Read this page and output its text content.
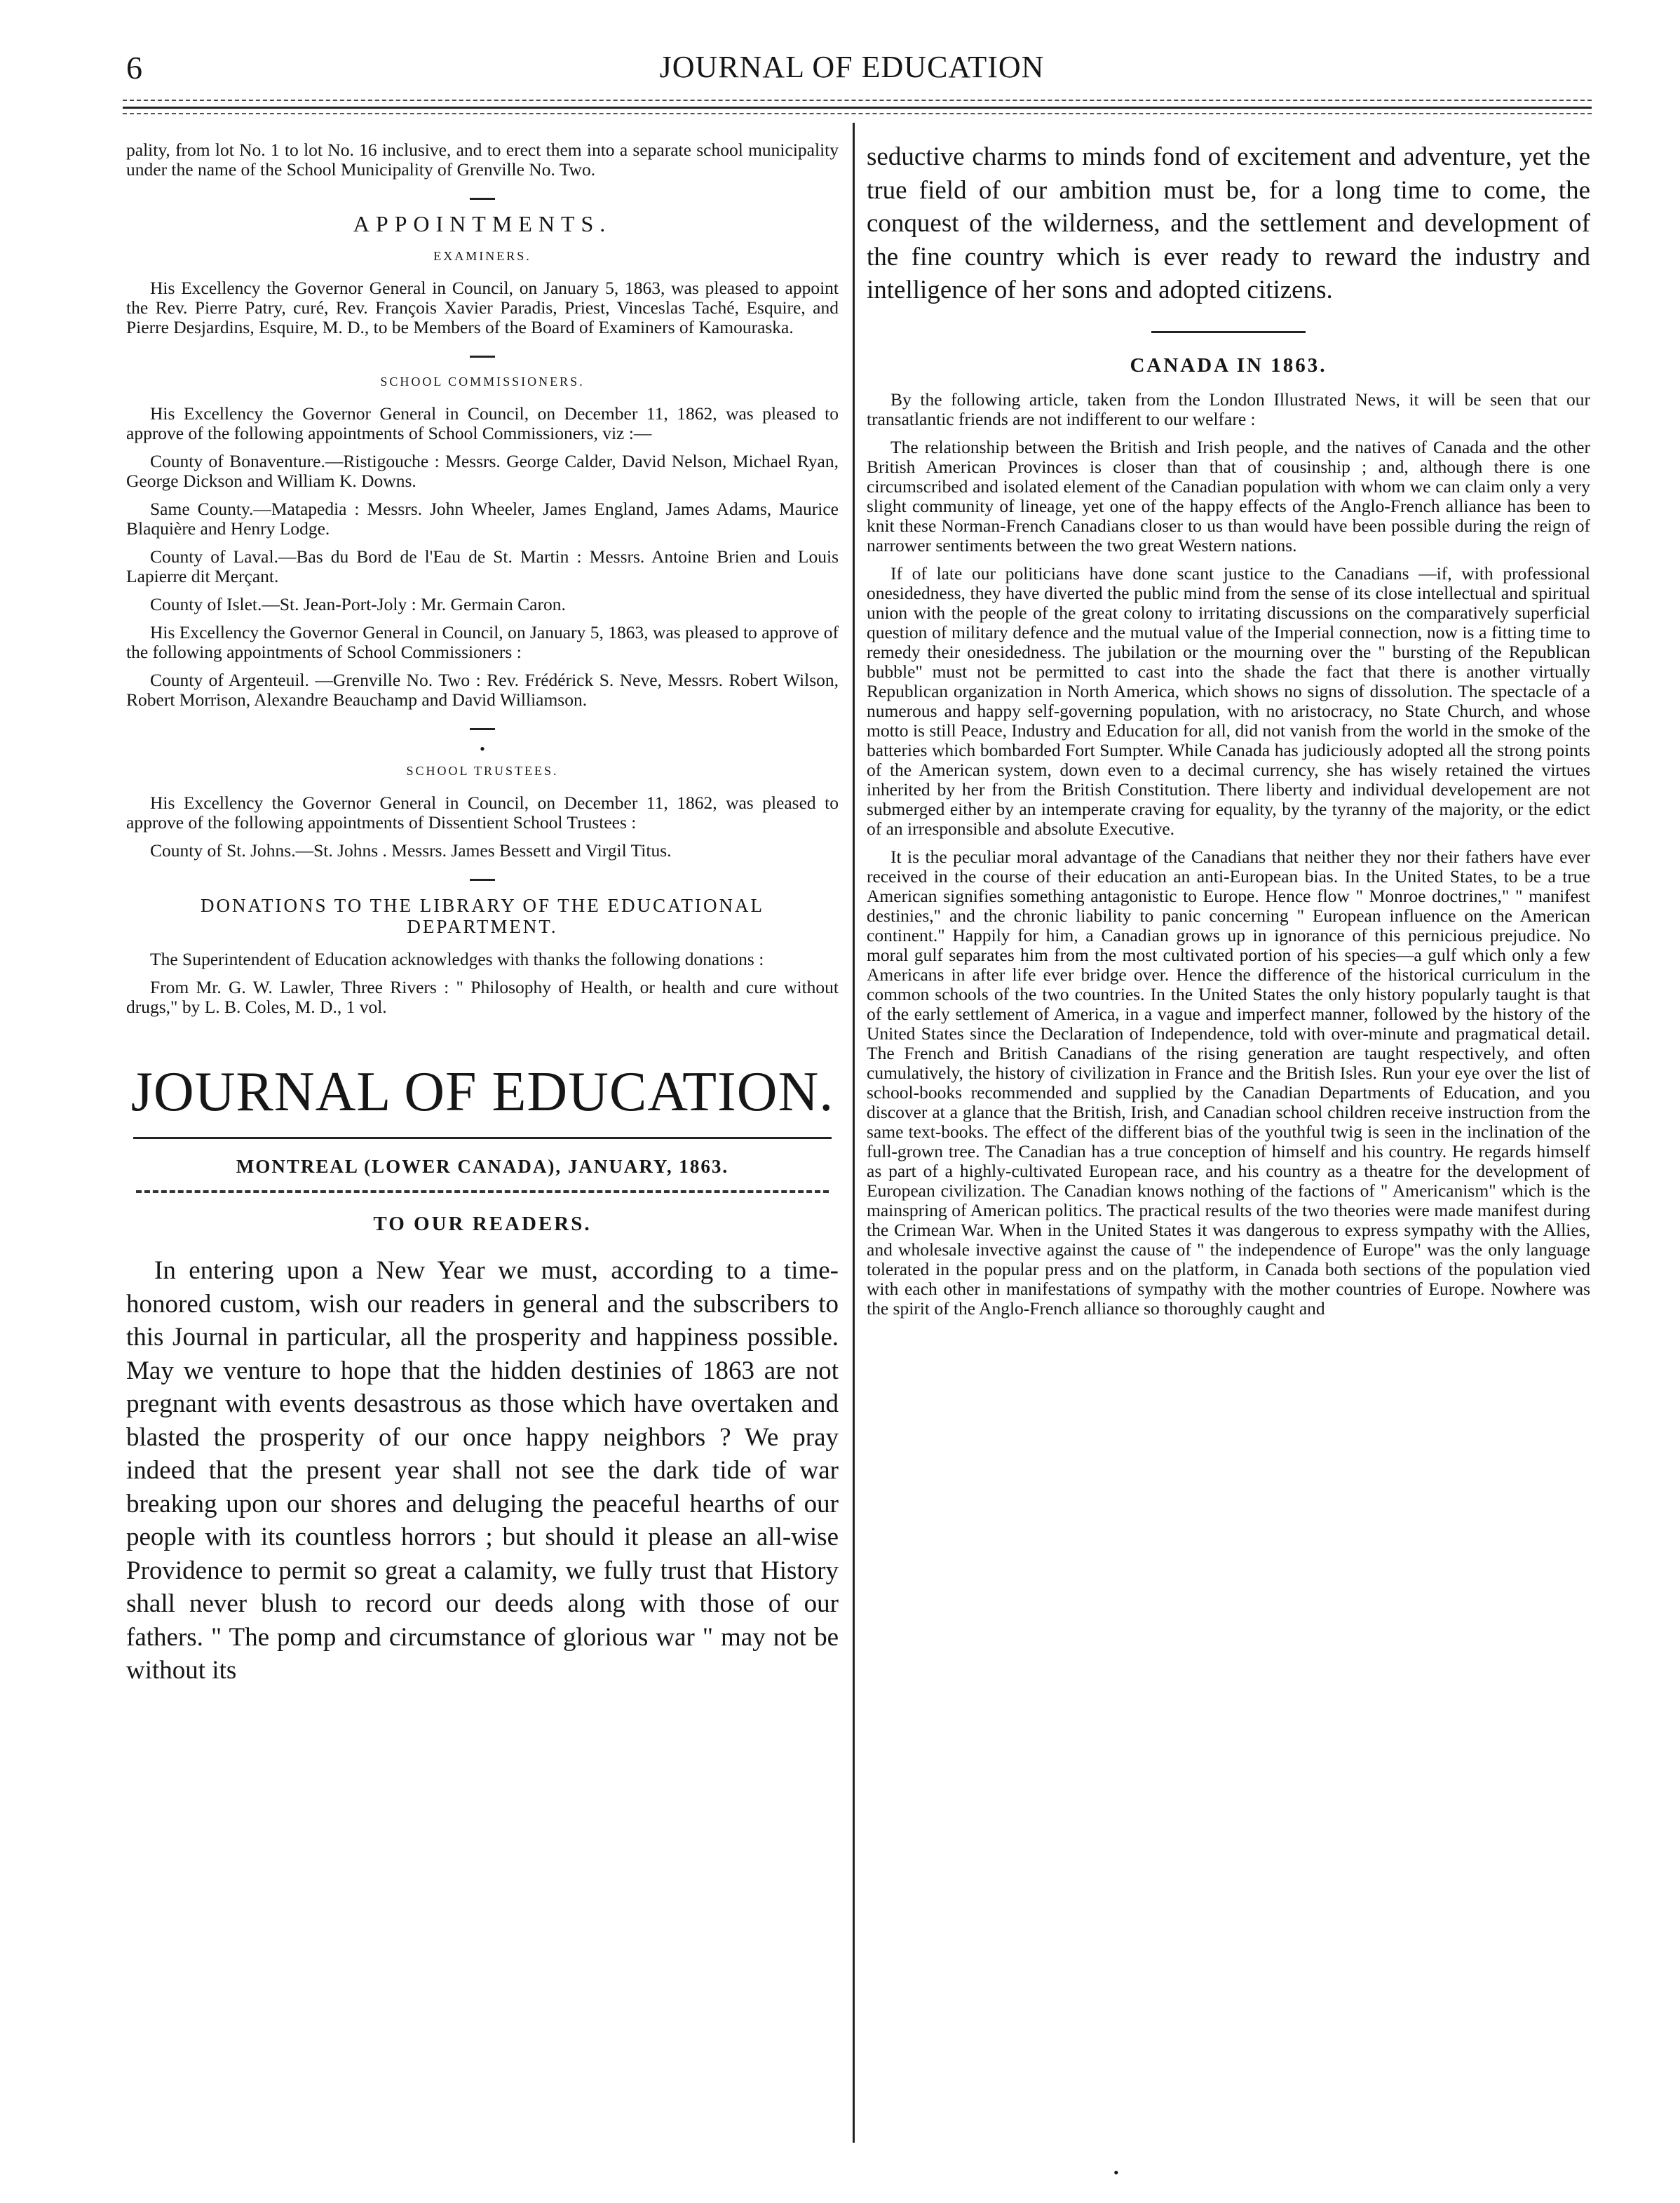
6	JOURNAL OF EDUCATION

pality, from lot No. 1 to lot No. 16 inclusive, and to erect them into a separate school municipality under the name of the School Municipality of Grenville No. Two.

APPOINTMENTS.
EXAMINERS.

His Excellency the Governor General in Council, on January 5, 1863, was pleased to appoint the Rev. Pierre Patry, curé, Rev. François Xavier Paradis, Priest, Vinceslas Taché, Esquire, and Pierre Desjardins, Esquire, M. D., to be Members of the Board of Examiners of Kamouraska.

SCHOOL COMMISSIONERS.

His Excellency the Governor General in Council, on December 11, 1862, was pleased to approve of the following appointments of School Commissioners, viz :—

County of Bonaventure.—Ristigouche : Messrs. George Calder, David Nelson, Michael Ryan, George Dickson and William K. Downs.

Same County.—Matapedia : Messrs. John Wheeler, James England, James Adams, Maurice Blaquière and Henry Lodge.

County of Laval.—Bas du Bord de l'Eau de St. Martin : Messrs. Antoine Brien and Louis Lapierre dit Merçant.

County of Islet.—St. Jean-Port-Joly : Mr. Germain Caron.

His Excellency the Governor General in Council, on January 5, 1863, was pleased to approve of the following appointments of School Commissioners :

County of Argenteuil. —Grenville No. Two : Rev. Frédérick S. Neve, Messrs. Robert Wilson, Robert Morrison, Alexandre Beauchamp and David Williamson.

•
SCHOOL TRUSTEES.

His Excellency the Governor General in Council, on December 11, 1862, was pleased to approve of the following appointments of Dissentient School Trustees :

County of St. Johns.—St. Johns . Messrs. James Bessett and Virgil Titus.

DONATIONS TO THE LIBRARY OF THE EDUCATIONAL DEPARTMENT.

The Superintendent of Education acknowledges with thanks the following donations :

From Mr. G. W. Lawler, Three Rivers : " Philosophy of Health, or health and cure without drugs," by L. B. Coles, M. D., 1 vol.

JOURNAL OF EDUCATION.
MONTREAL (LOWER CANADA), JANUARY, 1863.
TO OUR READERS.

In entering upon a New Year we must, according to a time-honored custom, wish our readers in general and the subscribers to this Journal in particular, all the prosperity and happiness possible. May we venture to hope that the hidden destinies of 1863 are not pregnant with events desastrous as those which have overtaken and blasted the prosperity of our once happy neighbors ? We pray indeed that the present year shall not see the dark tide of war breaking upon our shores and deluging the peaceful hearths of our people with its countless horrors ; but should it please an all-wise Providence to permit so great a calamity, we fully trust that History shall never blush to record our deeds along with those of our fathers. " The pomp and circumstance of glorious war " may not be without its

seductive charms to minds fond of excitement and adventure, yet the true field of our ambition must be, for a long time to come, the conquest of the wilderness, and the settlement and development of the fine country which is ever ready to reward the industry and intelligence of her sons and adopted citizens.

CANADA IN 1863.

By the following article, taken from the London Illustrated News, it will be seen that our transatlantic friends are not indifferent to our welfare :

The relationship between the British and Irish people, and the natives of Canada and the other British American Provinces is closer than that of cousinship ; and, although there is one circumscribed and isolated element of the Canadian population with whom we can claim only a very slight community of lineage, yet one of the happy effects of the Anglo-French alliance has been to knit these Norman-French Canadians closer to us than would have been possible during the reign of narrower sentiments between the two great Western nations.

If of late our politicians have done scant justice to the Canadians —if, with professional onesidedness, they have diverted the public mind from the sense of its close intellectual and spiritual union with the people of the great colony to irritating discussions on the comparatively superficial question of military defence and the mutual value of the Imperial connection, now is a fitting time to remedy their onesidedness. The jubilation or the mourning over the " bursting of the Republican bubble" must not be permitted to cast into the shade the fact that there is another virtually Republican organization in North America, which shows no signs of dissolution. The spectacle of a numerous and happy self-governing population, with no aristocracy, no State Church, and whose motto is still Peace, Industry and Education for all, did not vanish from the world in the smoke of the batteries which bombarded Fort Sumpter. While Canada has judiciously adopted all the strong points of the American system, down even to a decimal currency, she has wisely retained the virtues inherited by her from the British Constitution. There liberty and individual developement are not submerged either by an intemperate craving for equality, by the tyranny of the majority, or the edict of an irresponsible and absolute Executive.

It is the peculiar moral advantage of the Canadians that neither they nor their fathers have ever received in the course of their education an anti-European bias. In the United States, to be a true American signifies something antagonistic to Europe. Hence flow " Monroe doctrines," " manifest destinies," and the chronic liability to panic concerning " European influence on the American continent." Happily for him, a Canadian grows up in ignorance of this pernicious prejudice. No moral gulf separates him from the most cultivated portion of his species—a gulf which only a few Americans in after life ever bridge over. Hence the difference of the historical curriculum in the common schools of the two countries. In the United States the only history popularly taught is that of the early settlement of America, in a vague and imperfect manner, followed by the history of the United States since the Declaration of Independence, told with over-minute and pragmatical detail. The French and British Canadians of the rising generation are taught respectively, and often cumulatively, the history of civilization in France and the British Isles. Run your eye over the list of school-books recommended and supplied by the Canadian Departments of Education, and you discover at a glance that the British, Irish, and Canadian school children receive instruction from the same text-books. The effect of the different bias of the youthful twig is seen in the inclination of the full-grown tree. The Canadian has a true conception of himself and his country. He regards himself as part of a highly-cultivated European race, and his country as a theatre for the development of European civilization. The Canadian knows nothing of the factions of " Americanism" which is the mainspring of American politics. The practical results of the two theories were made manifest during the Crimean War. When in the United States it was dangerous to express sympathy with the Allies, and wholesale invective against the cause of " the independence of Europe" was the only language tolerated in the popular press and on the platform, in Canada both sections of the population vied with each other in manifestations of sympathy with the mother countries of Europe. Nowhere was the spirit of the Anglo-French alliance so thoroughly caught and

•
